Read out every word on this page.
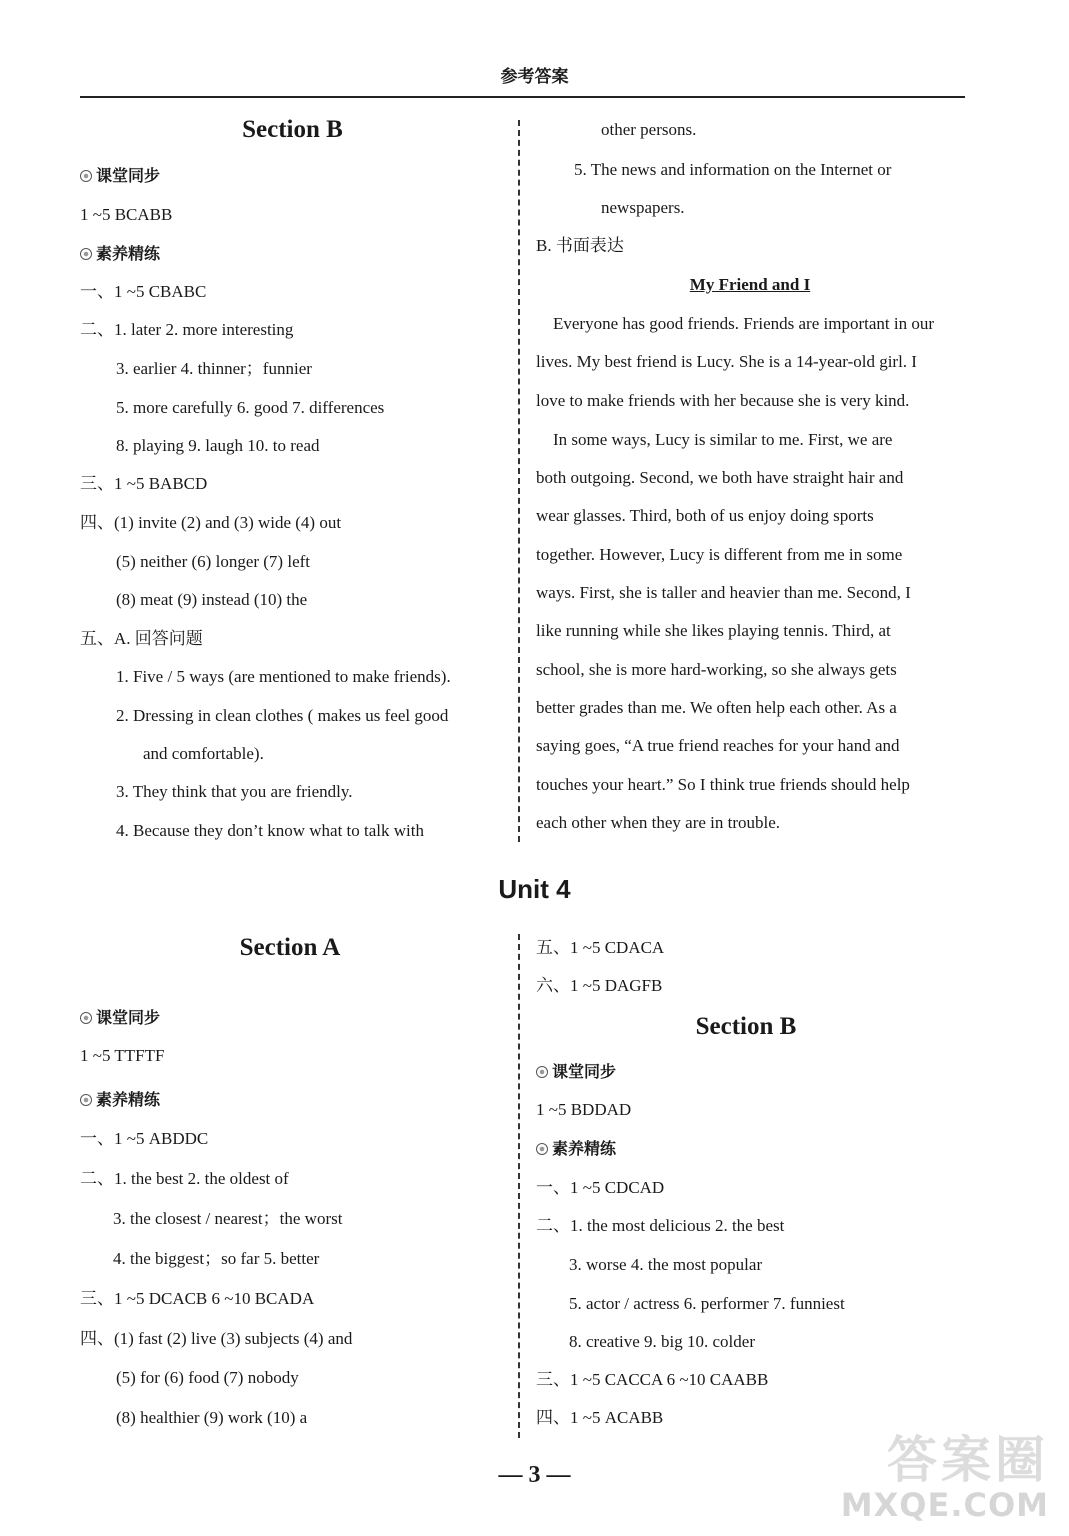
参考答案
Section B
课堂同步
1 ~5 BCABB
素养精练
一、1 ~5 CBABC
二、1. later 2. more interesting
3. earlier 4. thinner；funnier
5. more carefully 6. good 7. differences
8. playing 9. laugh 10. to read
三、1 ~5 BABCD
四、(1) invite (2) and (3) wide (4) out
(5) neither (6) longer (7) left
(8) meat (9) instead (10) the
五、A. 回答问题
1. Five / 5 ways (are mentioned to make friends).
2. Dressing in clean clothes ( makes us feel good
and comfortable).
3. They think that you are friendly.
4. Because they don’t know what to talk with
other persons.
5. The news and information on the Internet or
newspapers.
B. 书面表达
My Friend and I
Everyone has good friends. Friends are important in our
lives. My best friend is Lucy. She is a 14-year-old girl. I
love to make friends with her because she is very kind.
In some ways, Lucy is similar to me. First, we are
both outgoing. Second, we both have straight hair and
wear glasses. Third, both of us enjoy doing sports
together. However, Lucy is different from me in some
ways. First, she is taller and heavier than me. Second, I
like running while she likes playing tennis. Third, at
school, she is more hard-working, so she always gets
better grades than me. We often help each other. As a
saying goes, “A true friend reaches for your hand and
touches your heart.” So I think true friends should help
each other when they are in trouble.
Unit 4
Section A
课堂同步
1 ~5 TTFTF
素养精练
一、1 ~5 ABDDC
二、1. the best 2. the oldest of
3. the closest / nearest；the worst
4. the biggest；so far 5. better
三、1 ~5 DCACB 6 ~10 BCADA
四、(1) fast (2) live (3) subjects (4) and
(5) for (6) food (7) nobody
(8) healthier (9) work (10) a
五、1 ~5 CDACA
六、1 ~5 DAGFB
Section B
课堂同步
1 ~5 BDDAD
素养精练
一、1 ~5 CDCAD
二、1. the most delicious 2. the best
3. worse 4. the most popular
5. actor / actress 6. performer 7. funniest
8. creative 9. big 10. colder
三、1 ~5 CACCA 6 ~10 CAABB
四、1 ~5 ACABB
— 3 —	答案圈
MXQE.COM
